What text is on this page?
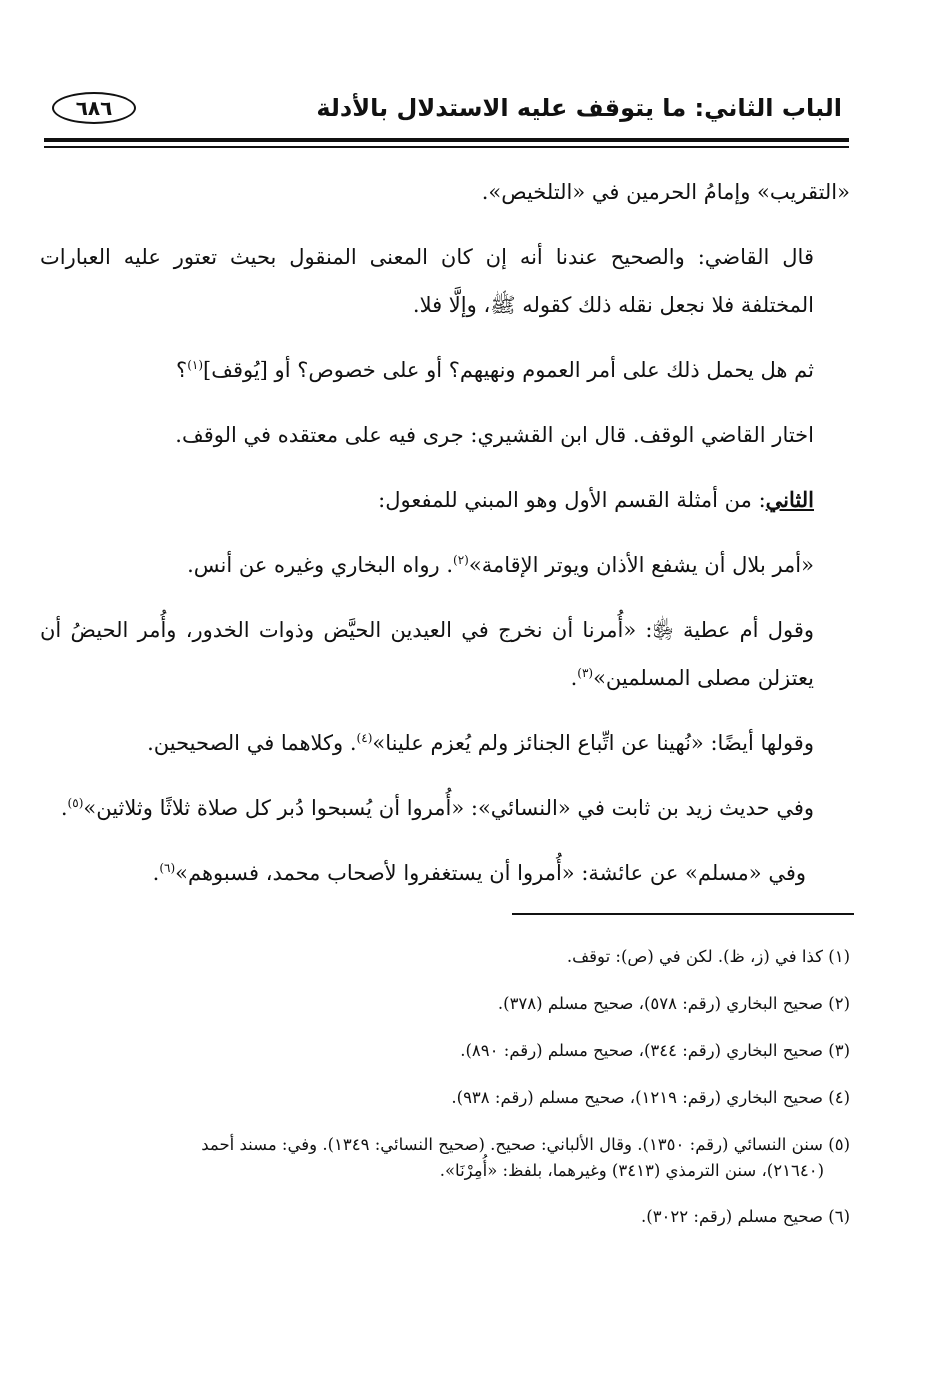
الباب الثاني: ما يتوقف عليه الاستدلال بالأدلة
٦٨٦

«التقريب» وإمامُ الحرمين في «التلخيص».

قال القاضي: والصحيح عندنا أنه إن كان المعنى المنقول بحيث تعتور عليه العبارات المختلفة فلا نجعل نقله ذلك كقوله ﷺ، وإلَّا فلا.

ثم هل يحمل ذلك على أمر العموم ونهيهم؟ أو على خصوص؟ أو [يُوقف]$^{(١)}$؟

اختار القاضي الوقف. قال ابن القشيري: جرى فيه على معتقده في الوقف.

الثاني: من أمثلة القسم الأول وهو المبني للمفعول:

«أمر بلال أن يشفع الأذان ويوتر الإقامة»$^{(٢)}$. رواه البخاري وغيره عن أنس.

وقول أم عطية ﵂: «أُمرنا أن نخرج في العيدين الحيَّض وذوات الخدور، وأُمر الحيضُ أن يعتزلن مصلى المسلمين»$^{(٣)}$.

وقولها أيضًا: «نُهينا عن اتِّباع الجنائز ولم يُعزم علينا»$^{(٤)}$. وكلاهما في الصحيحين.

وفي حديث زيد بن ثابت في «النسائي»: «أُمروا أن يُسبحوا دُبر كل صلاة ثلاثًا وثلاثين»$^{(٥)}$.

وفي «مسلم» عن عائشة: «أُمروا أن يستغفروا لأصحاب محمد، فسبوهم»$^{(٦)}$.

(١) كذا في (ز، ظ). لكن في (ص): توقف.

(٢) صحيح البخاري (رقم: ٥٧٨)، صحيح مسلم (٣٧٨).

(٣) صحيح البخاري (رقم: ٣٤٤)، صحيح مسلم (رقم: ٨٩٠).

(٤) صحيح البخاري (رقم: ١٢١٩)، صحيح مسلم (رقم: ٩٣٨).

(٥) سنن النسائي (رقم: ١٣٥٠). وقال الألباني: صحيح. (صحيح النسائي: ١٣٤٩). وفي: مسند أحمد
(٢١٦٤٠)، سنن الترمذي (٣٤١٣) وغيرهما، بلفظ: «أُمِرْنَا».

(٦) صحيح مسلم (رقم: ٣٠٢٢).
